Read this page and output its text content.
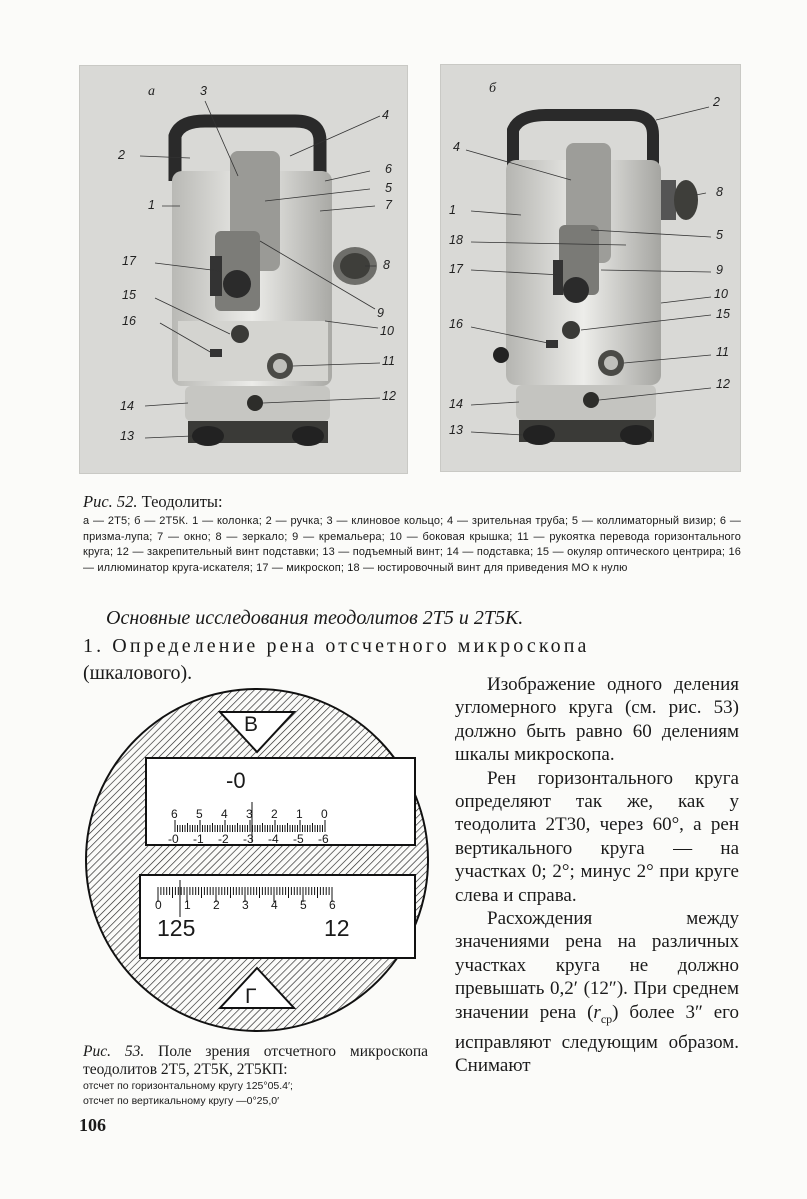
а
2
1
3
4
5
6
7
8
9
10
11
12
13
14
15
16
17
б
1
2
4
5
8
9
10
11
12
13
14
15
16
17
18
Рис. 52. Теодолиты:
а — 2Т5; б — 2Т5К. 1 — колонка; 2 — ручка; 3 — клиновое кольцо; 4 — зрительная труба; 5 — коллиматорный визир; 6 — призма-лупа; 7 — окно; 8 — зеркало; 9 — кремальера; 10 — боковая крышка; 11 — рукоятка перевода горизонтального круга; 12 — закрепительный винт подставки; 13 — подъемный винт; 14 — подставка; 15 — окуляр оптического центрира; 16 — иллюминатор круга-искателя; 17 — микроскоп; 18 — юстировочный винт для приведения МО к нулю
Основные исследования теодолитов 2Т5 и 2Т5К.
1. Определение рена отсчетного микроскопа
(шкалового).
В
Г
-0
6 5 4 3 2 1 0
-0 -1 -2 -3 -4 -5 -6
0 1 2 3 4 5 6
125	12
Рис. 53. Поле зрения отсчетного микроскопа теодолитов 2Т5, 2Т5К, 2Т5КП:
отсчет по горизонтальному кругу 125°05.4′;
отсчет по вертикальному кругу —0°25,0′

Изображение одного деления угломерного круга (см. рис. 53) должно быть равно 60 делениям шкалы микроскопа.

Рен горизонтального круга определяют так же, как у теодолита 2Т30, через 60°, а рен вертикального круга — на участках 0; 2°; минус 2° при круге слева и справа.

Расхождения между значениями рена на различных участках круга не должно превышать 0,2′ (12″). При среднем значении рена $(r_{ср})$ более 3″ его исправляют следующим образом. Снимают

106
